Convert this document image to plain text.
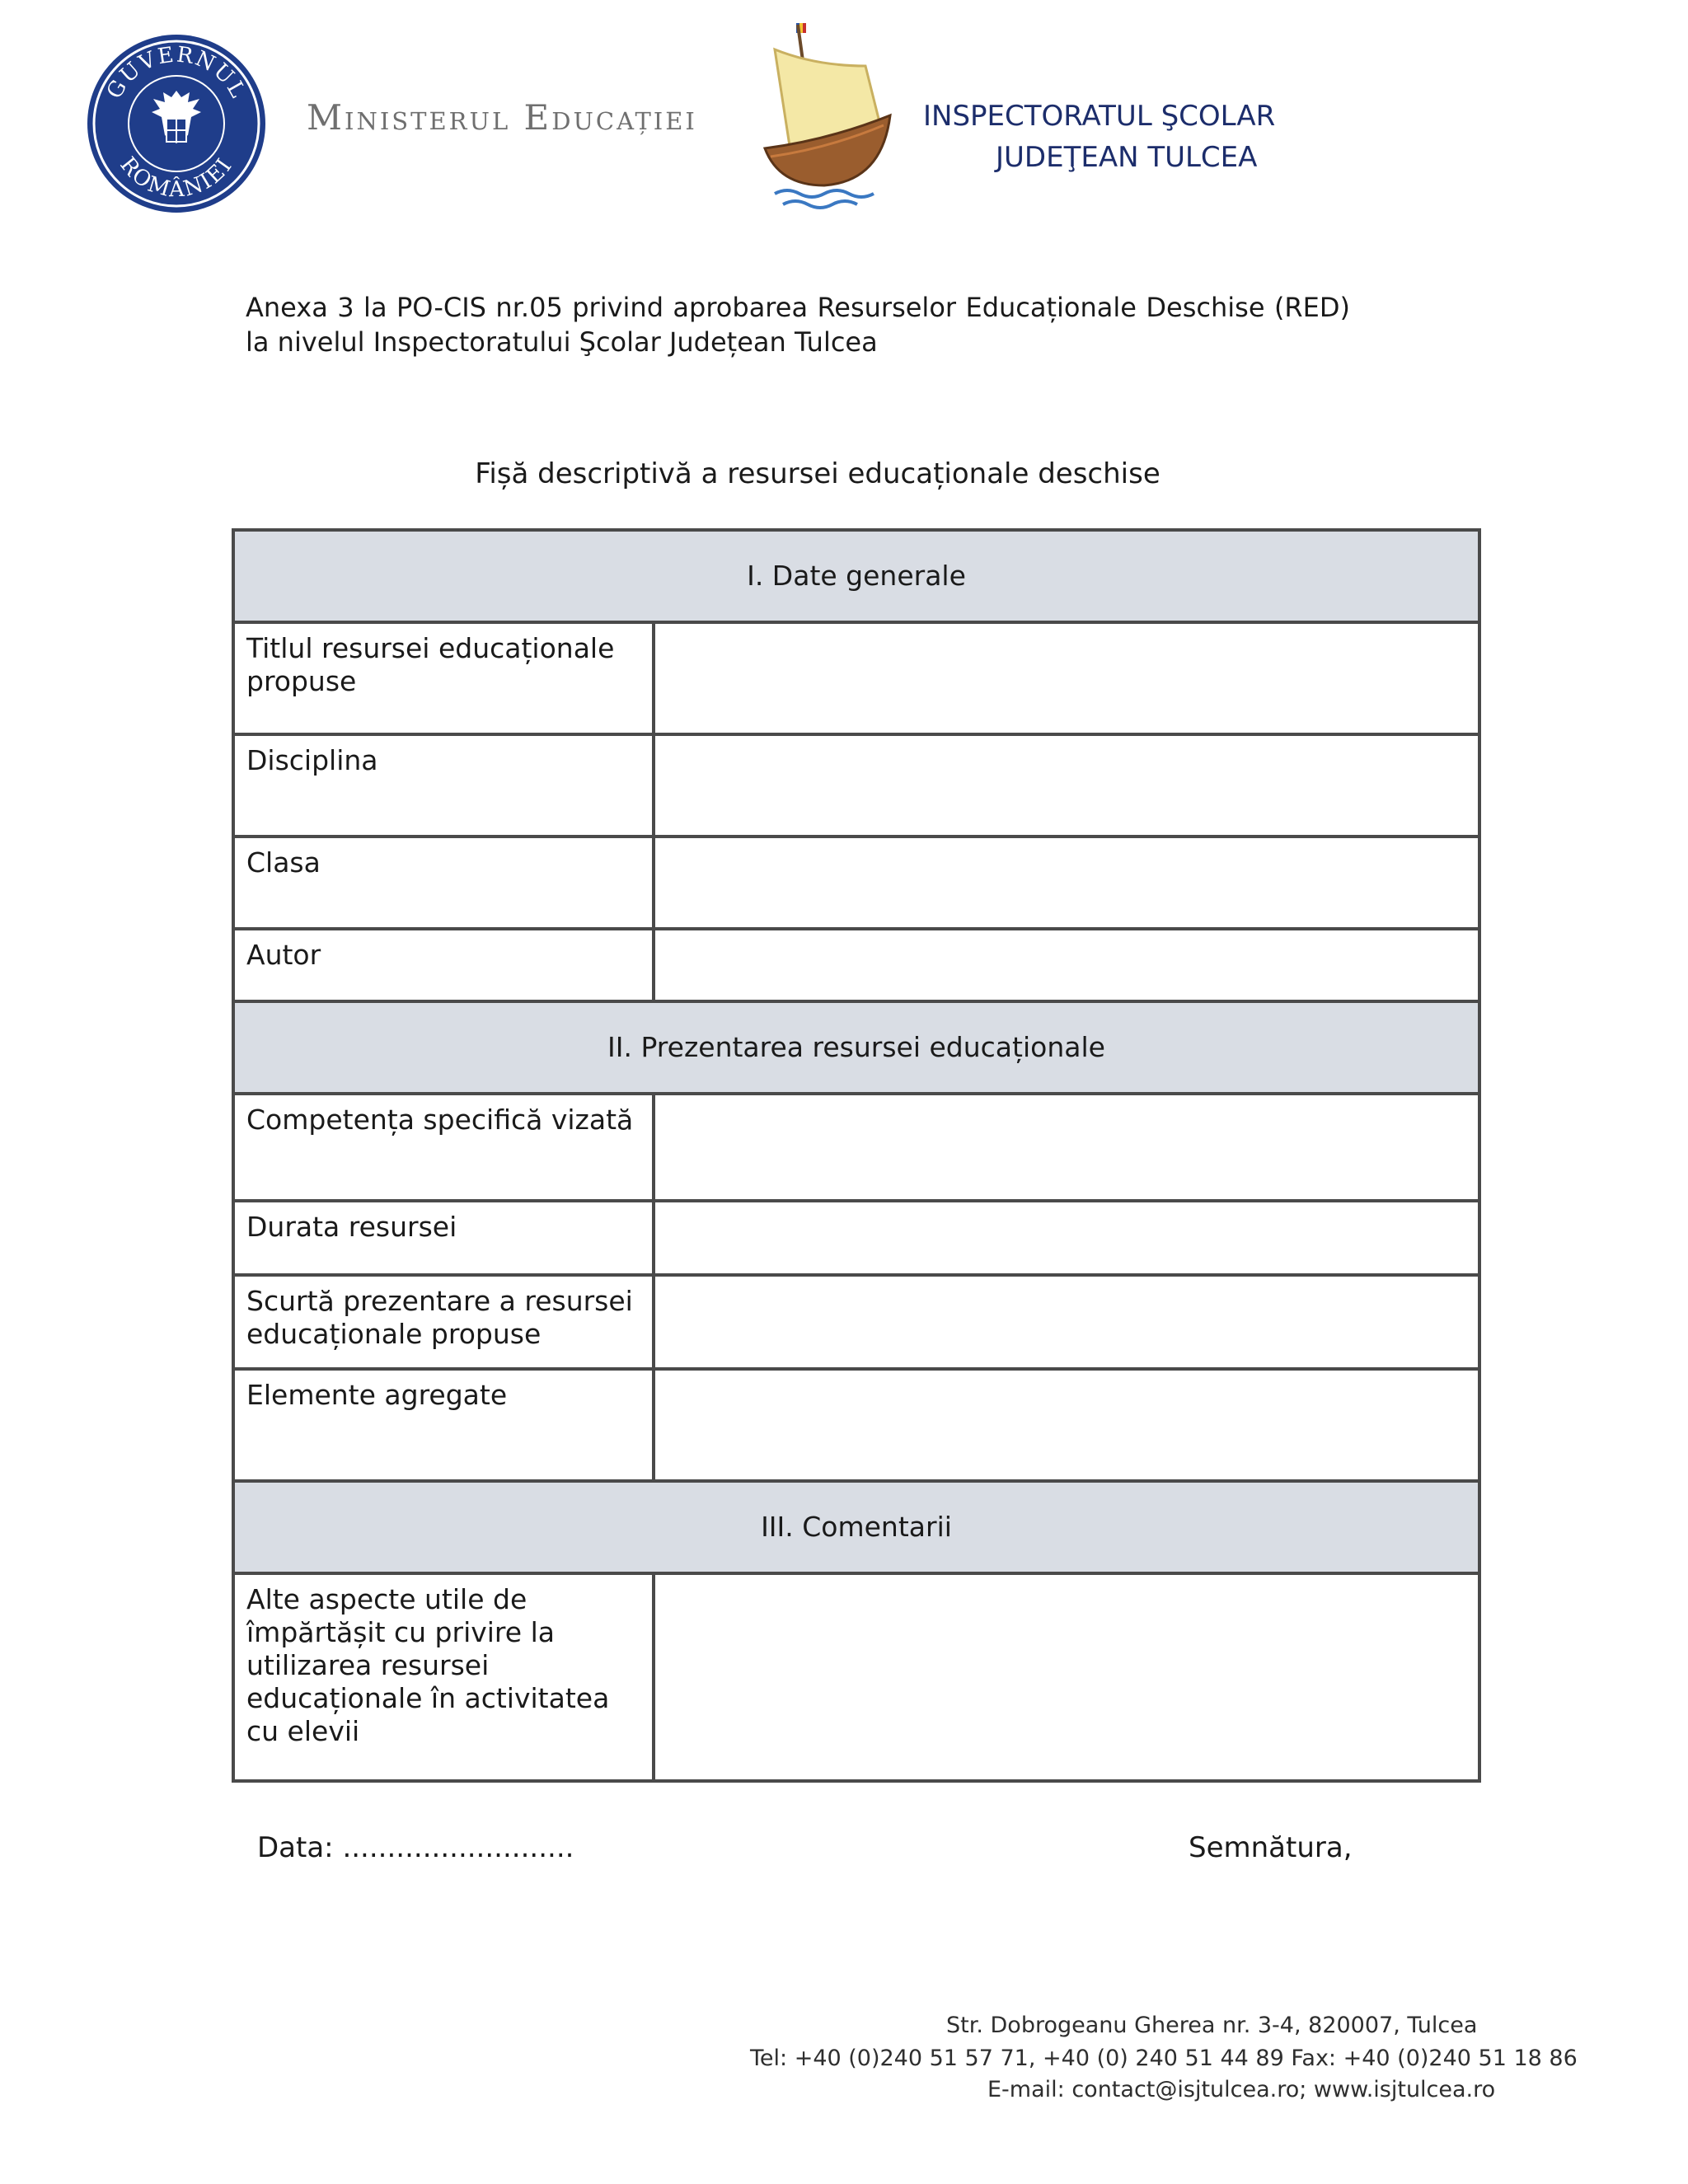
GUVERNUL
ROMÂNIEI
Ministerul Educației	INSPECTORATUL ŞCOLAR
JUDEŢEAN TULCEA
Anexa 3 la PO-CIS nr.05 privind aprobarea Resurselor Educaționale Deschise (RED) la nivelul Inspectoratului Şcolar Județean Tulcea
Fișă descriptivă a resursei educaționale deschise
I. Date generale	
Titlul resursei educaționale propuse	
Disciplina	
Clasa	
Autor	
II. Prezentarea resursei educaționale	
Competența specifică vizată	
Durata resursei	
Scurtă prezentare a resursei educaționale propuse	
Elemente agregate	
III. Comentarii	
Alte aspecte utile de împărtășit cu privire la utilizarea resursei educaționale în activitatea cu elevii	
Data: ..........................	Semnătura,
Str. Dobrogeanu Gherea nr. 3-4, 820007, Tulcea
Tel: +40 (0)240 51 57 71, +40 (0) 240 51 44 89 Fax: +40 (0)240 51 18 86
E-mail: contact@isjtulcea.ro; www.isjtulcea.ro
